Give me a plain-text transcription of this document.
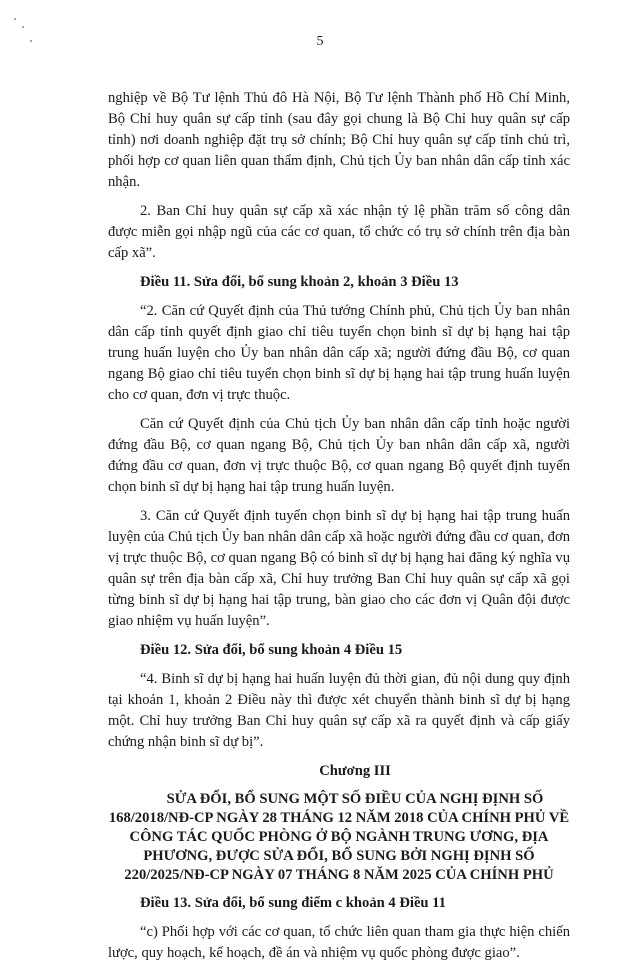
5

nghiệp về Bộ Tư lệnh Thủ đô Hà Nội, Bộ Tư lệnh Thành phố Hồ Chí Minh, Bộ Chỉ huy quân sự cấp tỉnh (sau đây gọi chung là Bộ Chỉ huy quân sự cấp tỉnh) nơi doanh nghiệp đặt trụ sở chính; Bộ Chỉ huy quân sự cấp tỉnh chủ trì, phối hợp cơ quan liên quan thẩm định, Chủ tịch Ủy ban nhân dân cấp tỉnh xác nhận.

2. Ban Chỉ huy quân sự cấp xã xác nhận tỷ lệ phần trăm số công dân được miễn gọi nhập ngũ của các cơ quan, tổ chức có trụ sở chính trên địa bàn cấp xã”.

Điều 11. Sửa đổi, bổ sung khoản 2, khoản 3 Điều 13

“2. Căn cứ Quyết định của Thủ tướng Chính phủ, Chủ tịch Ủy ban nhân dân cấp tỉnh quyết định giao chỉ tiêu tuyển chọn binh sĩ dự bị hạng hai tập trung huấn luyện cho Ủy ban nhân dân cấp xã; người đứng đầu Bộ, cơ quan ngang Bộ giao chỉ tiêu tuyển chọn binh sĩ dự bị hạng hai tập trung huấn luyện cho cơ quan, đơn vị trực thuộc.

Căn cứ Quyết định của Chủ tịch Ủy ban nhân dân cấp tỉnh hoặc người đứng đầu Bộ, cơ quan ngang Bộ, Chủ tịch Ủy ban nhân dân cấp xã, người đứng đầu cơ quan, đơn vị trực thuộc Bộ, cơ quan ngang Bộ quyết định tuyển chọn binh sĩ dự bị hạng hai tập trung huấn luyện.

3. Căn cứ Quyết định tuyển chọn binh sĩ dự bị hạng hai tập trung huấn luyện của Chủ tịch Ủy ban nhân dân cấp xã hoặc người đứng đầu cơ quan, đơn vị trực thuộc Bộ, cơ quan ngang Bộ có binh sĩ dự bị hạng hai đăng ký nghĩa vụ quân sự trên địa bàn cấp xã, Chỉ huy trưởng Ban Chỉ huy quân sự cấp xã gọi từng binh sĩ dự bị hạng hai tập trung, bàn giao cho các đơn vị Quân đội được giao nhiệm vụ huấn luyện”.

Điều 12. Sửa đổi, bổ sung khoản 4 Điều 15

“4. Binh sĩ dự bị hạng hai huấn luyện đủ thời gian, đủ nội dung quy định tại khoản 1, khoản 2 Điều này thì được xét chuyển thành binh sĩ dự bị hạng một. Chỉ huy trưởng Ban Chỉ huy quân sự cấp xã ra quyết định và cấp giấy chứng nhận binh sĩ dự bị”.

Chương III

SỬA ĐỔI, BỔ SUNG MỘT SỐ ĐIỀU CỦA NGHỊ ĐỊNH SỐ 168/2018/NĐ-CP NGÀY 28 THÁNG 12 NĂM 2018 CỦA CHÍNH PHỦ VỀ CÔNG TÁC QUỐC PHÒNG Ở BỘ NGÀNH TRUNG ƯƠNG, ĐỊA PHƯƠNG, ĐƯỢC SỬA ĐỔI, BỔ SUNG BỞI NGHỊ ĐỊNH SỐ 220/2025/NĐ-CP NGÀY 07 THÁNG 8 NĂM 2025 CỦA CHÍNH PHỦ

Điều 13. Sửa đổi, bổ sung điểm c khoản 4 Điều 11

“c) Phối hợp với các cơ quan, tổ chức liên quan tham gia thực hiện chiến lược, quy hoạch, kế hoạch, đề án và nhiệm vụ quốc phòng được giao”.
